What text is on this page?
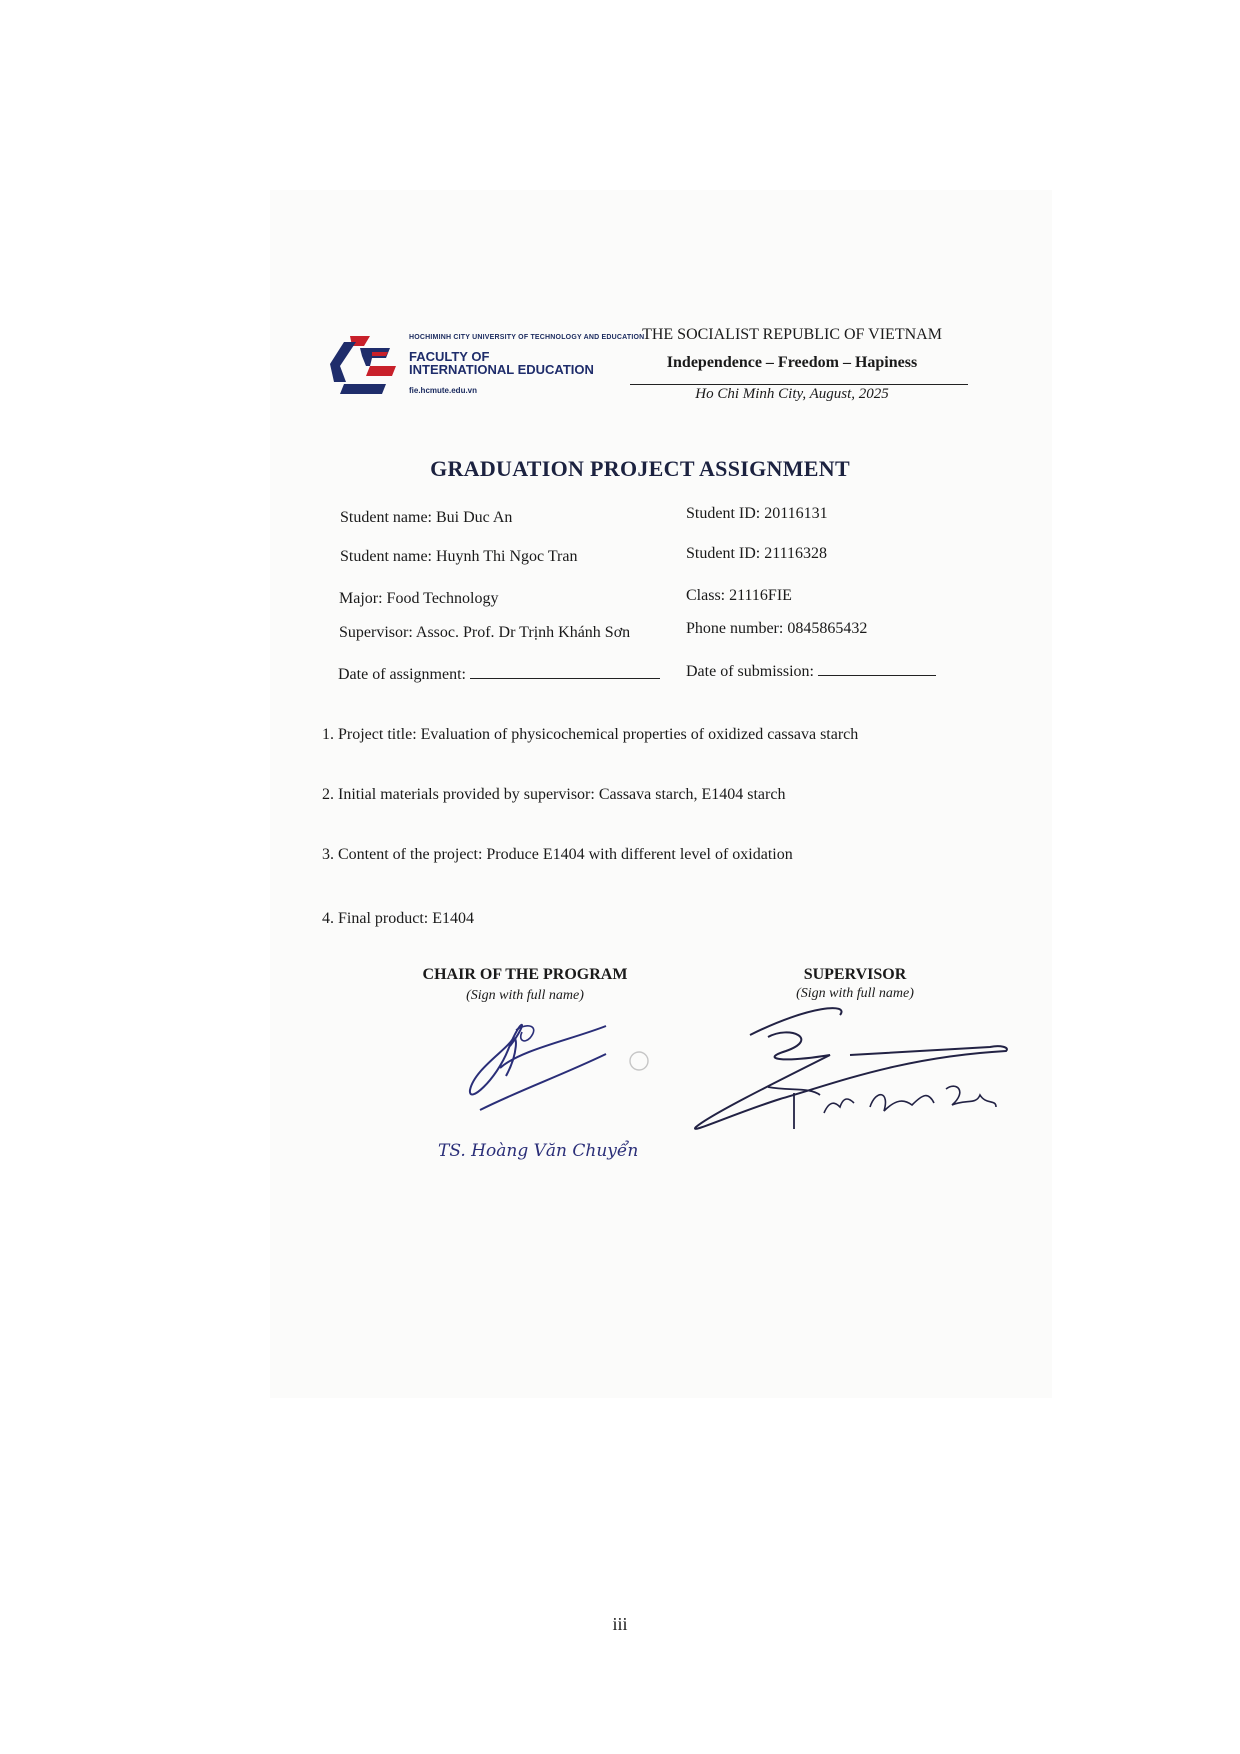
HOCHIMINH CITY UNIVERSITY OF TECHNOLOGY AND EDUCATION
FACULTY OF
INTERNATIONAL EDUCATION
fie.hcmute.edu.vn
THE SOCIALIST REPUBLIC OF VIETNAM
Independence – Freedom – Hapiness
Ho Chi Minh City, August, 2025
GRADUATION PROJECT ASSIGNMENT
Student name: Bui Duc An	Student ID: 20116131
Student name: Huynh Thi Ngoc Tran	Student ID: 21116328
Major: Food Technology	Class: 21116FIE
Supervisor: Assoc. Prof. Dr Trịnh Khánh Sơn	Phone number: 0845865432
Date of assignment:	Date of submission:
1. Project title: Evaluation of physicochemical properties of oxidized cassava starch
2. Initial materials provided by supervisor: Cassava starch, E1404 starch
3. Content of the project: Produce E1404 with different level of oxidation
4. Final product: E1404
CHAIR OF THE PROGRAM
(Sign with full name)
TS. Hoàng Văn Chuyển
SUPERVISOR
(Sign with full name)
iii
